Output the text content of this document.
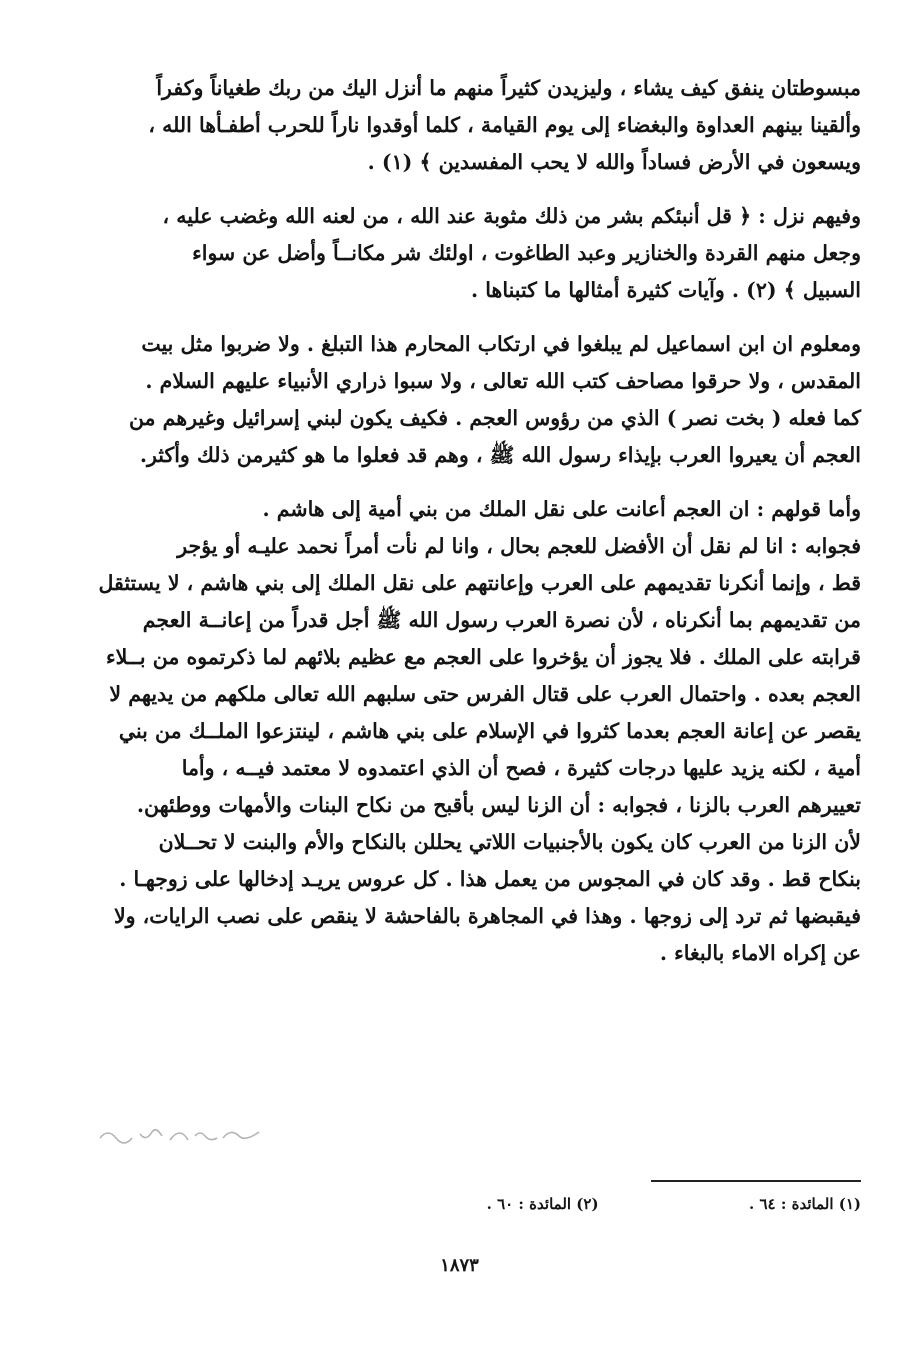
مبسوطتان ينفق كيف يشاء ، وليزيدن كثيراً منهم ما أنزل اليك من ربك طغياناً وكفراً
وألقينا بينهم العداوة والبغضاء إلى يوم القيامة ، كلما أوقدوا ناراً للحرب أطفـأها الله ،
ويسعون في الأرض فساداً والله لا يحب المفسدين ﴾ (١) .
وفيهم نزل : ﴿ قل أنبئكم بشر من ذلك مثوبة عند الله ، من لعنه الله وغضب عليه ،
وجعل منهم القردة والخنازير وعبد الطاغوت ، اولئك شر مكانــاً وأضل عن سواء
السبيل ﴾ (٢) . وآيات كثيرة أمثالها ما كتبناها .
ومعلوم ان ابن اسماعيل لم يبلغوا في ارتكاب المحارم هذا التبلغ . ولا ضربوا مثل بيت
المقدس ، ولا حرقوا مصاحف كتب الله تعالى ، ولا سبوا ذراري الأنبياء عليهم السلام .
كما فعله ( بخت نصر ) الذي من رؤوس العجم . فكيف يكون لبني إسرائيل وغيرهم من
العجم أن يعيروا العرب بإيذاء رسول الله ﷺ ، وهم قد فعلوا ما هو كثيرمن ذلك وأكثر.
وأما قولهم : ان العجم أعانت على نقل الملك من بني أمية إلى هاشم .
فجوابه : انا لم نقل أن الأفضل للعجم بحال ، وانا لم نأت أمراً نحمد عليـه أو يؤجر
قط ، وإنما أنكرنا تقديمهم على العرب وإعانتهم على نقل الملك إلى بني هاشم ، لا يستثقل
من تقديمهم بما أنكرناه ، لأن نصرة العرب رسول الله ﷺ أجل قدراً من إعانــة العجم
قرابته على الملك . فلا يجوز أن يؤخروا على العجم مع عظيم بلائهم لما ذكرتموه من بــلاء
العجم بعده . واحتمال العرب على قتال الفرس حتى سلبهم الله تعالى ملكهم من يديهم لا
يقصر عن إعانة العجم بعدما كثروا في الإسلام على بني هاشم ، لينتزعوا الملــك من بني
أمية ، لكنه يزيد عليها درجات كثيرة ، فصح أن الذي اعتمدوه لا معتمد فيــه ، وأما
تعييرهم العرب بالزنا ، فجوابه : أن الزنا ليس بأقبح من نكاح البنات والأمهات ووطئهن.
لأن الزنا من العرب كان يكون بالأجنبيات اللاتي يحللن بالنكاح والأم والبنت لا تحــلان
بنكاح قط . وقد كان في المجوس من يعمل هذا . كل عروس يريـد إدخالها على زوجهـا .
فيقبضها ثم ترد إلى زوجها . وهذا في المجاهرة بالفاحشة لا ينقص على نصب الرايات، ولا
عن إكراه الاماء بالبغاء .
(١) المائدة : ٦٤ .  (٢) المائدة : ٦٠ .
١٨٧٣
